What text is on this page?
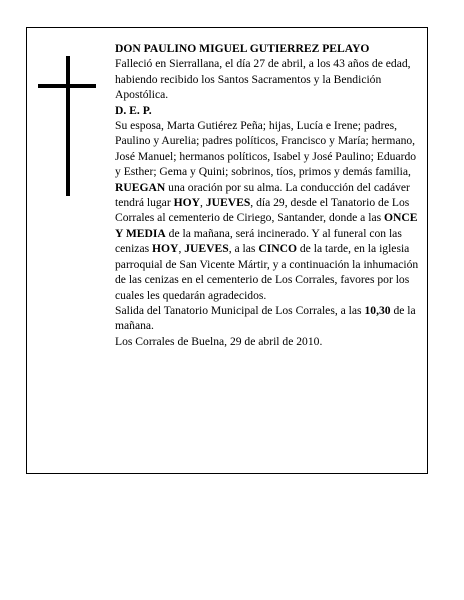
DON PAULINO MIGUEL GUTIERREZ PELAYO

Falleció en Sierrallana, el día 27 de abril, a los 43 años de edad, habiendo recibido los Santos Sacramentos y la Bendición Apostólica.

D. E. P.

Su esposa, Marta Gutiérez Peña; hijas, Lucía e Irene; padres, Paulino y Aurelia; padres políticos, Francisco y María; hermano, José Manuel; hermanos políticos, Isabel y José Paulino; Eduardo y Esther; Gema y Quini; sobrinos, tíos, primos y demás familia,

RUEGAN una oración por su alma. La conducción del cadáver tendrá lugar HOY, JUEVES, día 29, desde el Tanatorio de Los Corrales al cementerio de Ciriego, Santander, donde a las ONCE Y MEDIA de la mañana, será incinerado. Y al funeral con las cenizas HOY, JUEVES, a las CINCO de la tarde, en la iglesia parroquial de San Vicente Mártir, y a continuación la inhumación de las cenizas en el cementerio de Los Corrales, favores por los cuales les quedarán agradecidos.

Salida del Tanatorio Municipal de Los Corrales, a las 10,30 de la mañana.

Los Corrales de Buelna, 29 de abril de 2010.
